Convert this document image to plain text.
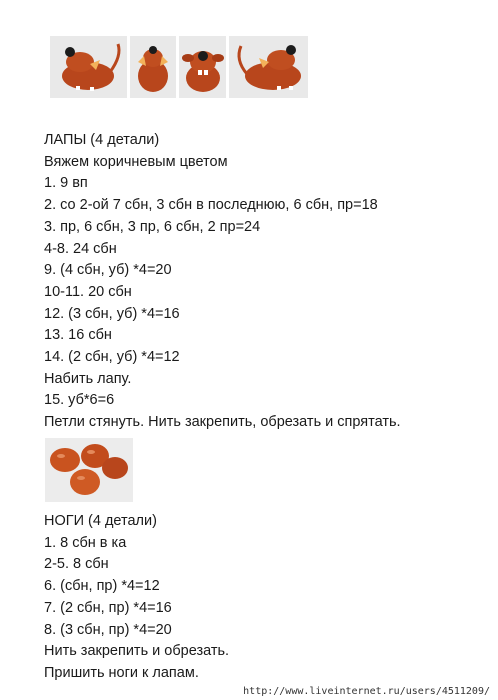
ЛАПЫ (4 детали)
Вяжем коричневым цветом
1. 9 вп
2. со 2-ой 7 сбн, 3 сбн в последнюю, 6 сбн, пр=18
3. пр, 6 сбн, 3 пр, 6 сбн, 2 пр=24
4-8. 24 сбн
9. (4 сбн, уб) *4=20
10-11. 20 сбн
12. (3 сбн, уб) *4=16
13. 16 сбн
14. (2 сбн, уб) *4=12
Набить лапу.
15. уб*6=6
Петли стянуть. Нить закрепить, обрезать и спрятать.
НОГИ (4 детали)
1. 8 сбн в ка
2-5. 8 сбн
6. (сбн, пр) *4=12
7. (2 сбн, пр) *4=16
8. (3 сбн, пр) *4=20
Нить закрепить и обрезать.
Пришить ноги к лапам.
http://www.liveinternet.ru/users/4511209/
